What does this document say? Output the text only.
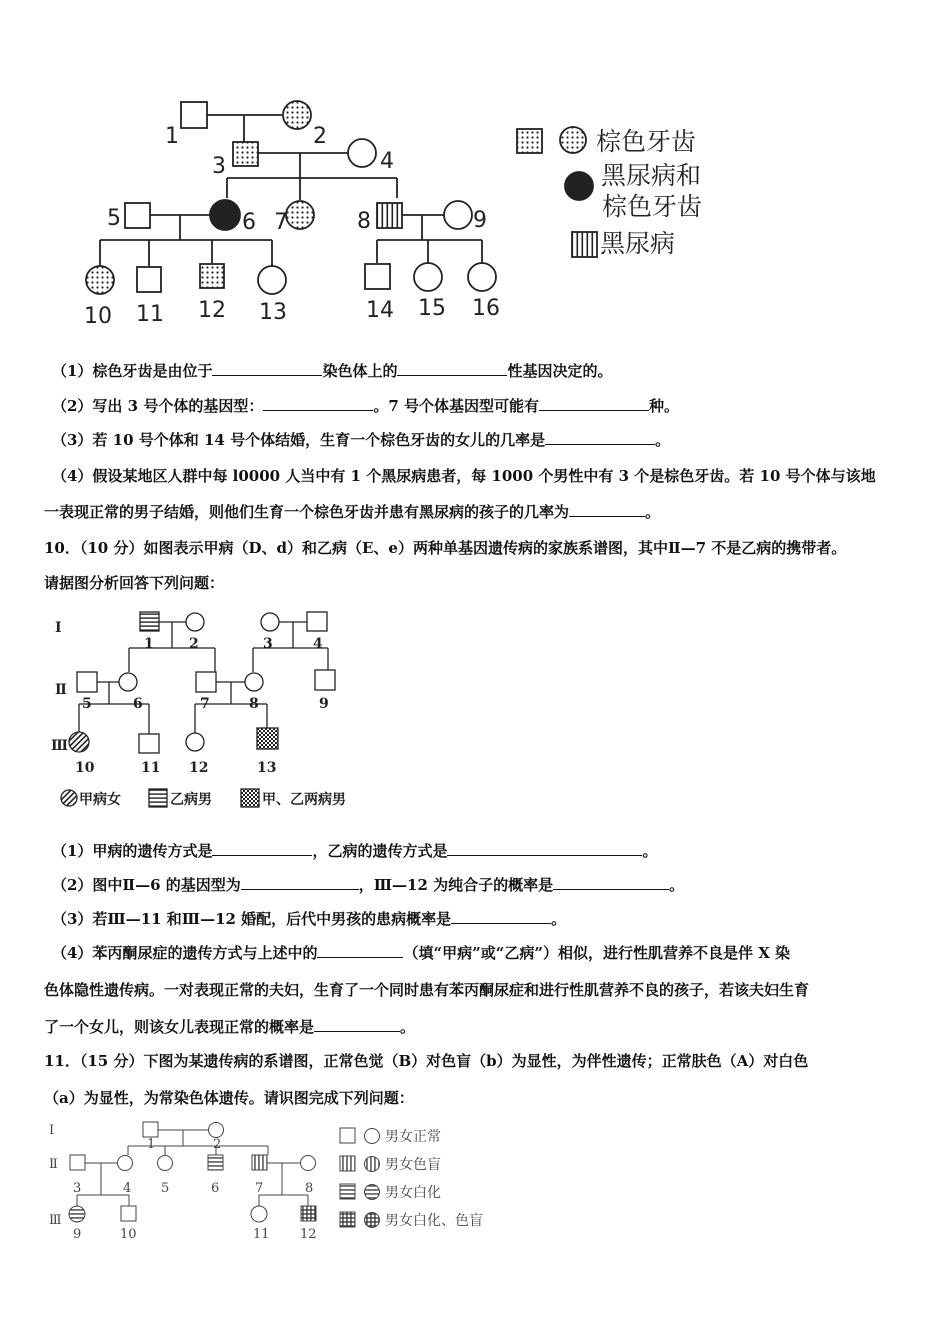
1	2
3	4
5	6 7	8	9
10 11 12 13	14 15 16
棕色牙齿
黑尿病和
棕色牙齿
黑尿病
（1）棕色牙齿是由位于	染色体上的	性基因决定的。
（2）写出 3 号个体的基因型：	。7 号个体基因型可能有	种。
（3）若 10 号个体和 14 号个体结婚，生育一个棕色牙齿的女儿的几率是	。
（4）假设某地区人群中每 l0000 人当中有 1 个黑尿病患者，每 1000 个男性中有 3 个是棕色牙齿。若 10 号个体与该地
一表现正常的男子结婚，则他们生育一个棕色牙齿并患有黑尿病的孩子的几率为	。
10．（10 分）如图表示甲病（D、d）和乙病（E、e）两种单基因遗传病的家族系谱图，其中Ⅱ—7 不是乙病的携带者。
请据图分析回答下列问题：
Ⅰ
Ⅱ
Ⅲ
1	2	3	4
5	6	7	8	9
10	11 12	13
甲病女	乙病男	甲、乙两病男
（1）甲病的遗传方式是	，乙病的遗传方式是	。
（2）图中Ⅱ—6 的基因型为	，Ⅲ—12 为纯合子的概率是	。
（3）若Ⅲ—11 和Ⅲ—12 婚配，后代中男孩的患病概率是	。
（4）苯丙酮尿症的遗传方式与上述中的	（填“甲病”或“乙病”）相似，进行性肌营养不良是伴 X 染
色体隐性遗传病。一对表现正常的夫妇，生育了一个同时患有苯丙酮尿症和进行性肌营养不良的孩子，若该夫妇生育
了一个女儿，则该女儿表现正常的概率是	。
11．（15 分）下图为某遗传病的系谱图，正常色觉（B）对色盲（b）为显性，为伴性遗传；正常肤色（A）对白色
（a）为显性，为常染色体遗传。请识图完成下列问题：
Ⅰ
Ⅱ
Ⅲ
1	2
3	4 5	6	7	8
9	10	11 12
男女正常
男女色盲
男女白化
男女白化、色盲
